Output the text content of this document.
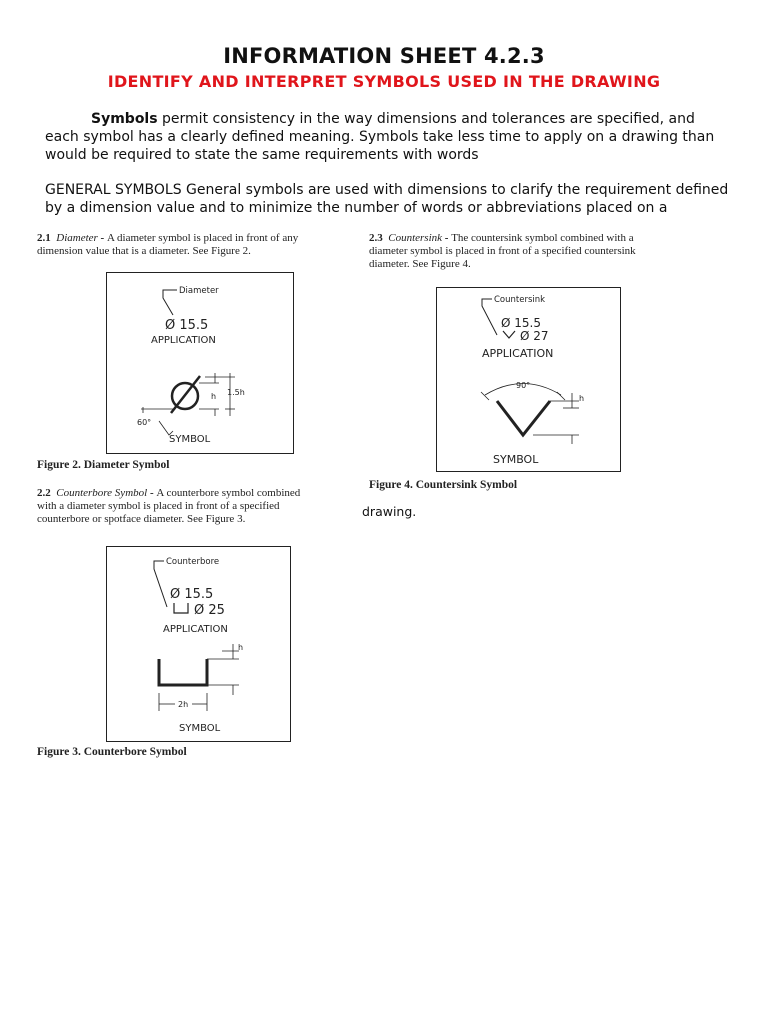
INFORMATION SHEET 4.2.3
IDENTIFY AND INTERPRET SYMBOLS USED IN THE DRAWING
Symbols permit consistency in the way dimensions and tolerances are specified, and
each symbol has a clearly defined meaning. Symbols take less time to apply on a drawing than
would be required to state the same requirements with words
GENERAL SYMBOLS General symbols are used with dimensions to clarify the requirement defined
by a dimension value and to minimize the number of words or abbreviations placed on a
drawing.
2.1 Diameter - A diameter symbol is placed in front of any
dimension value that is a diameter. See Figure 2.
Diameter
Ø 15.5
APPLICATION
h 1.5h
60°
SYMBOL
Figure 2. Diameter Symbol
2.2 Counterbore Symbol - A counterbore symbol combined
with a diameter symbol is placed in front of a specified
counterbore or spotface diameter. See Figure 3.
Counterbore
Ø 15.5
Ø 25
APPLICATION
h
2h
SYMBOL
Figure 3. Counterbore Symbol
2.3 Countersink - The countersink symbol combined with a
diameter symbol is placed in front of a specified countersink
diameter. See Figure 4.
Countersink
Ø 15.5
Ø 27
APPLICATION
90°
h
SYMBOL
Figure 4. Countersink Symbol
